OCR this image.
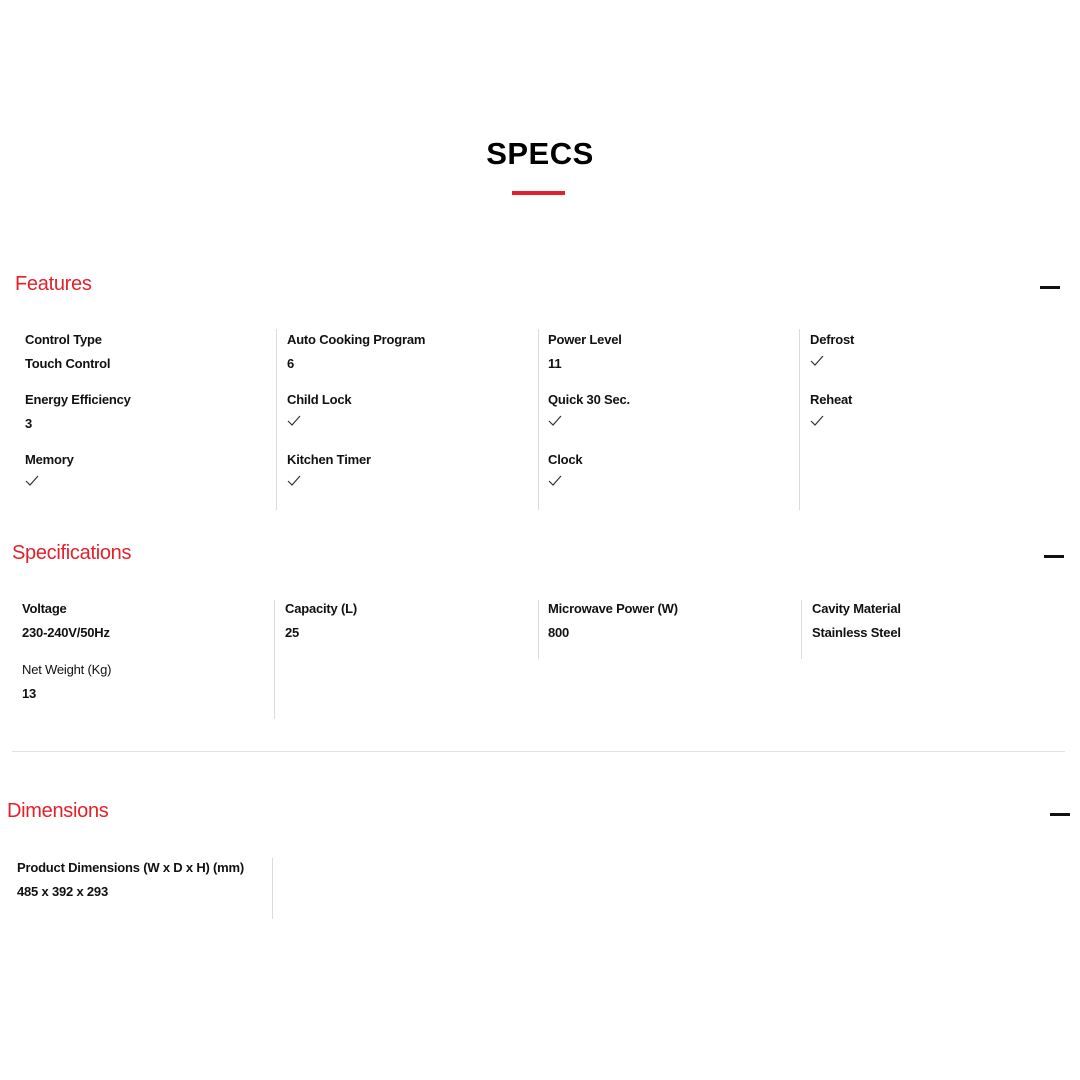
SPECS
Features
Control Type
Touch Control
Energy Efficiency
3
Memory
Auto Cooking Program
6
Child Lock
Kitchen Timer
Power Level
11
Quick 30 Sec.
Clock
Defrost
Reheat
Specifications
Voltage
230-240V/50Hz
Net Weight (Kg)
13
Capacity (L)
25
Microwave Power (W)
800
Cavity Material
Stainless Steel
Dimensions
Product Dimensions (W x D x H) (mm)
485 x 392 x 293
